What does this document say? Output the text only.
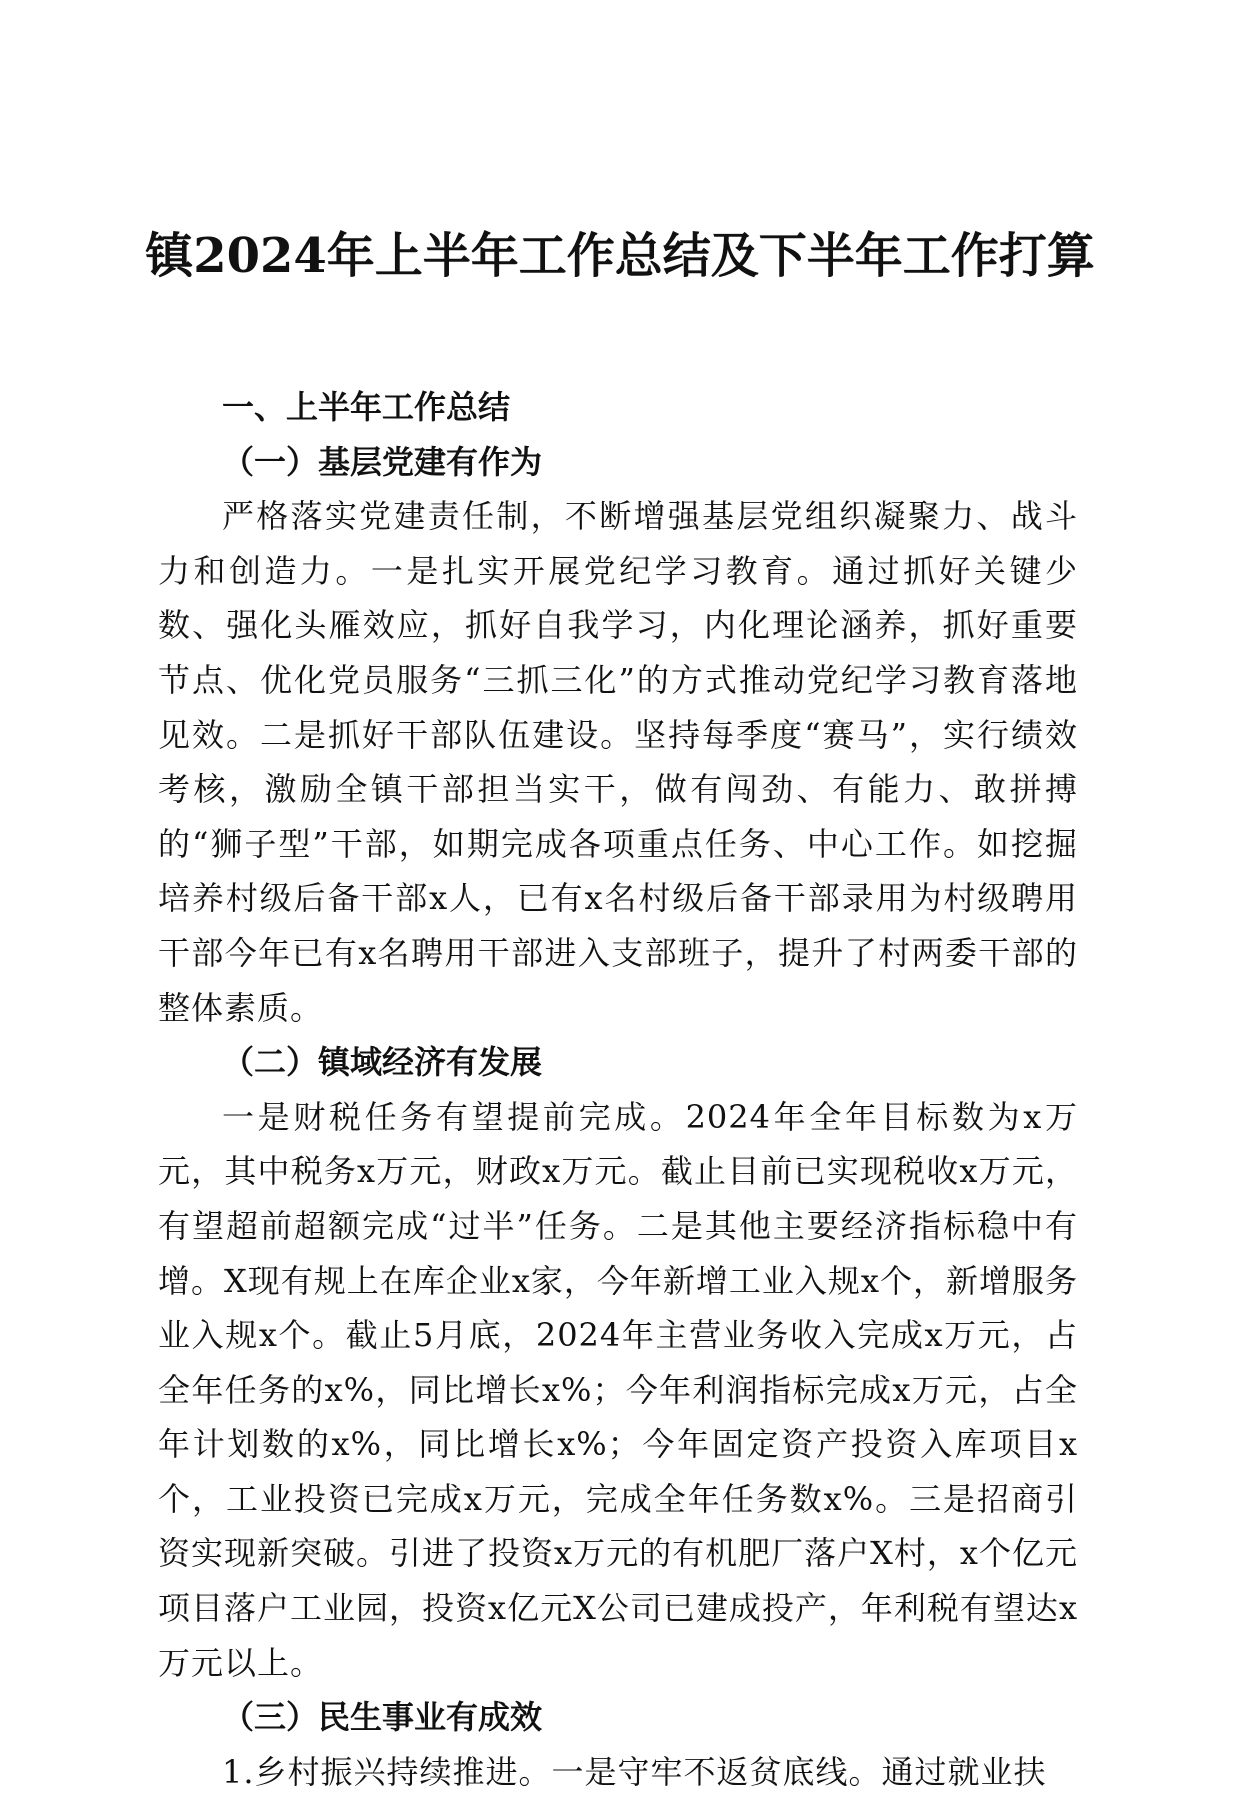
镇2024年上半年工作总结及下半年工作打算

一、上半年工作总结

（一）基层党建有作为

严格落实党建责任制，不断增强基层党组织凝聚力、战斗力和创造力。一是扎实开展党纪学习教育。通过抓好关键少数、强化头雁效应，抓好自我学习，内化理论涵养，抓好重要节点、优化党员服务“三抓三化”的方式推动党纪学习教育落地见效。二是抓好干部队伍建设。坚持每季度“赛马”，实行绩效考核，激励全镇干部担当实干，做有闯劲、有能力、敢拼搏的“狮子型”干部，如期完成各项重点任务、中心工作。如挖掘培养村级后备干部x人，已有x名村级后备干部录用为村级聘用干部今年已有x名聘用干部进入支部班子，提升了村两委干部的整体素质。

（二）镇域经济有发展

一是财税任务有望提前完成。2024年全年目标数为x万元，其中税务x万元，财政x万元。截止目前已实现税收x万元，有望超前超额完成“过半”任务。二是其他主要经济指标稳中有增。X现有规上在库企业x家，今年新增工业入规x个，新增服务业入规x个。截止5月底，2024年主营业务收入完成x万元，占全年任务的x%，同比增长x%；今年利润指标完成x万元，占全年计划数的x%，同比增长x%；今年固定资产投资入库项目x个，工业投资已完成x万元，完成全年任务数x%。三是招商引资实现新突破。引进了投资x万元的有机肥厂落户X村，x个亿元项目落户工业园，投资x亿元X公司已建成投产，年利税有望达x万元以上。

（三）民生事业有成效

1.乡村振兴持续推进。一是守牢不返贫底线。通过就业扶
